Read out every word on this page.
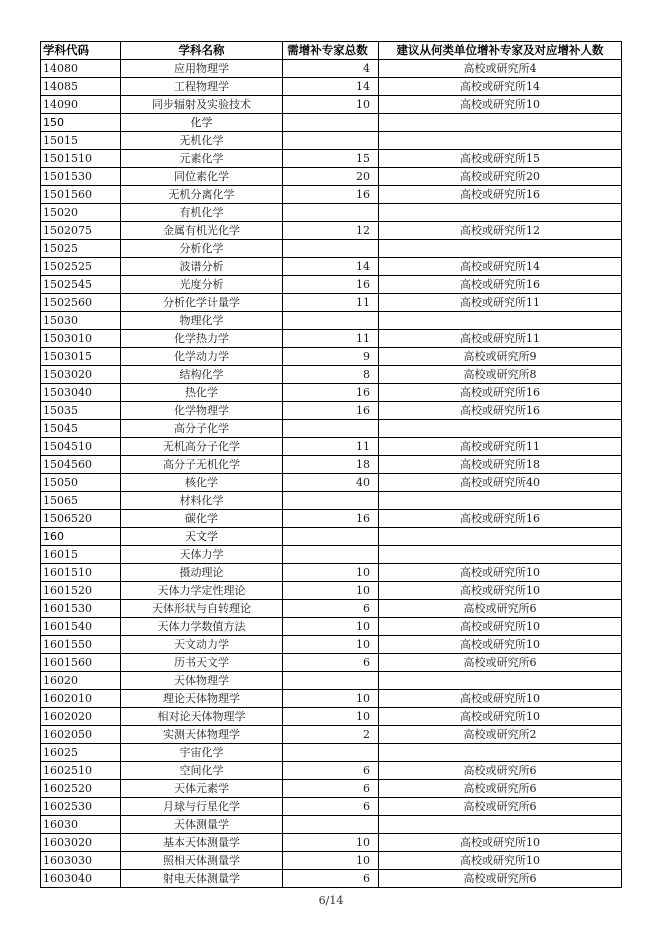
学科代码	学科名称	需增补专家总数	建议从何类单位增补专家及对应增补人数
14080	应用物理学	4	高校或研究所4
14085	工程物理学	14	高校或研究所14
14090	同步辐射及实验技术	10	高校或研究所10
150	化学		
15015	无机化学		
1501510	元素化学	15	高校或研究所15
1501530	同位素化学	20	高校或研究所20
1501560	无机分离化学	16	高校或研究所16
15020	有机化学		
1502075	金属有机光化学	12	高校或研究所12
15025	分析化学		
1502525	波谱分析	14	高校或研究所14
1502545	光度分析	16	高校或研究所16
1502560	分析化学计量学	11	高校或研究所11
15030	物理化学		
1503010	化学热力学	11	高校或研究所11
1503015	化学动力学	9	高校或研究所9
1503020	结构化学	8	高校或研究所8
1503040	热化学	16	高校或研究所16
15035	化学物理学	16	高校或研究所16
15045	高分子化学		
1504510	无机高分子化学	11	高校或研究所11
1504560	高分子无机化学	18	高校或研究所18
15050	核化学	40	高校或研究所40
15065	材料化学		
1506520	碳化学	16	高校或研究所16
160	天文学		
16015	天体力学		
1601510	摄动理论	10	高校或研究所10
1601520	天体力学定性理论	10	高校或研究所10
1601530	天体形状与自转理论	6	高校或研究所6
1601540	天体力学数值方法	10	高校或研究所10
1601550	天文动力学	10	高校或研究所10
1601560	历书天文学	6	高校或研究所6
16020	天体物理学		
1602010	理论天体物理学	10	高校或研究所10
1602020	相对论天体物理学	10	高校或研究所10
1602050	实测天体物理学	2	高校或研究所2
16025	宇宙化学		
1602510	空间化学	6	高校或研究所6
1602520	天体元素学	6	高校或研究所6
1602530	月球与行星化学	6	高校或研究所6
16030	天体测量学		
1603020	基本天体测量学	10	高校或研究所10
1603030	照相天体测量学	10	高校或研究所10
1603040	射电天体测量学	6	高校或研究所6
6/14
